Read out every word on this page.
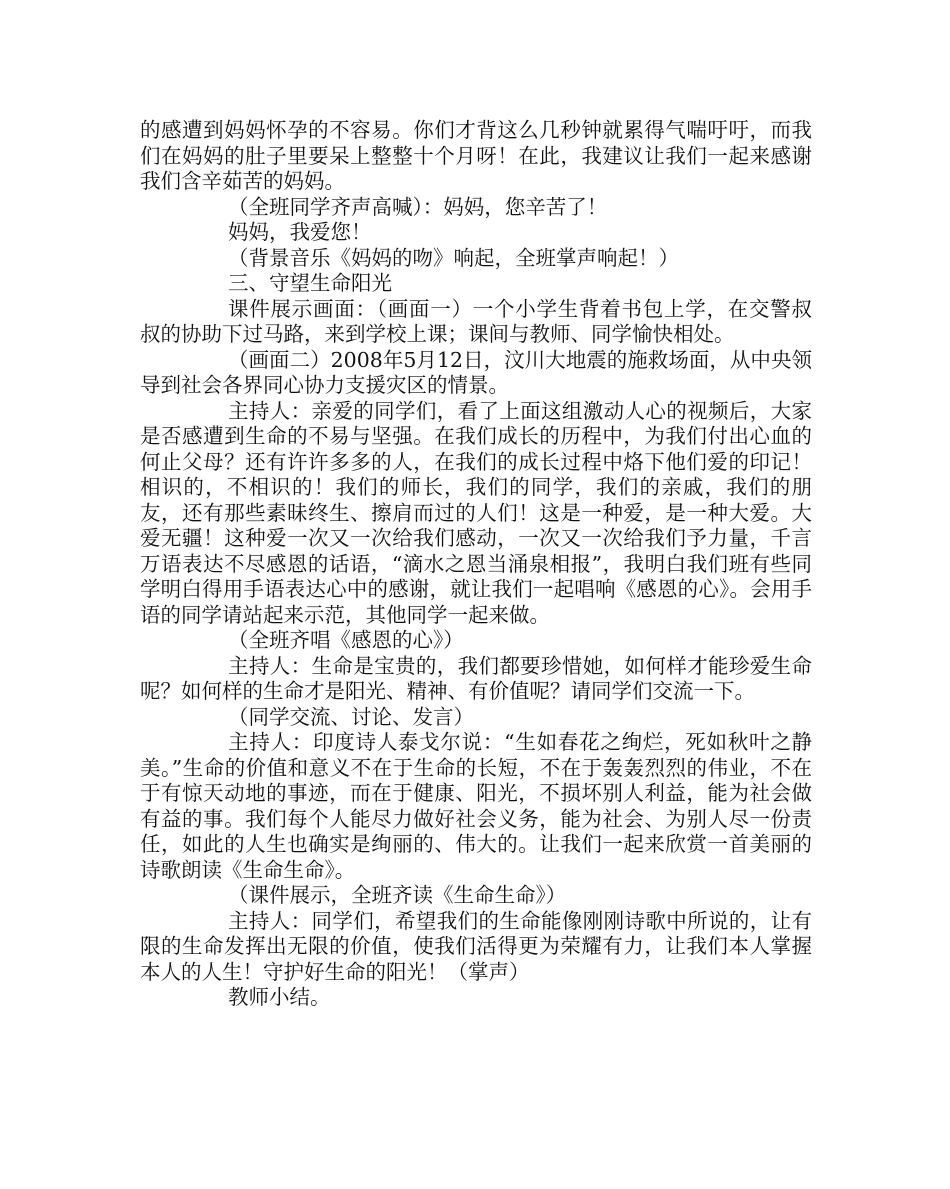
的感遭到妈妈怀孕的不容易。你们才背这么几秒钟就累得气喘吁吁，而我们在妈妈的肚子里要呆上整整十个月呀！在此，我建议让我们一起来感谢我们含辛茹苦的妈妈。

（全班同学齐声高喊）：妈妈，您辛苦了！

妈妈，我爱您！

（背景音乐《妈妈的吻》响起，全班掌声响起！）

三、守望生命阳光

课件展示画面：（画面一）一个小学生背着书包上学，在交警叔叔的协助下过马路，来到学校上课；课间与教师、同学愉快相处。

（画面二）2008年5月12日，汶川大地震的施救场面，从中央领导到社会各界同心协力支援灾区的情景。

主持人：亲爱的同学们，看了上面这组激动人心的视频后，大家是否感遭到生命的不易与坚强。在我们成长的历程中，为我们付出心血的何止父母？还有许许多多的人，在我们的成长过程中烙下他们爱的印记！相识的，不相识的！我们的师长，我们的同学，我们的亲戚，我们的朋友，还有那些素昧终生、擦肩而过的人们！这是一种爱，是一种大爱。大爱无疆！这种爱一次又一次给我们感动，一次又一次给我们予力量，千言万语表达不尽感恩的话语，“滴水之恩当涌泉相报”，我明白我们班有些同学明白得用手语表达心中的感谢，就让我们一起唱响《感恩的心》。会用手语的同学请站起来示范，其他同学一起来做。

（全班齐唱《感恩的心》）

主持人：生命是宝贵的，我们都要珍惜她，如何样才能珍爱生命呢？如何样的生命才是阳光、精神、有价值呢？请同学们交流一下。

（同学交流、讨论、发言）

主持人：印度诗人泰戈尔说：“生如春花之绚烂，死如秋叶之静美。”生命的价值和意义不在于生命的长短，不在于轰轰烈烈的伟业，不在于有惊天动地的事迹，而在于健康、阳光，不损坏别人利益，能为社会做有益的事。我们每个人能尽力做好社会义务，能为社会、为别人尽一份责任，如此的人生也确实是绚丽的、伟大的。让我们一起来欣赏一首美丽的诗歌朗读《生命生命》。

（课件展示，全班齐读《生命生命》）

主持人：同学们，希望我们的生命能像刚刚诗歌中所说的，让有限的生命发挥出无限的价值，使我们活得更为荣耀有力，让我们本人掌握本人的人生！守护好生命的阳光！（掌声）

教师小结。
